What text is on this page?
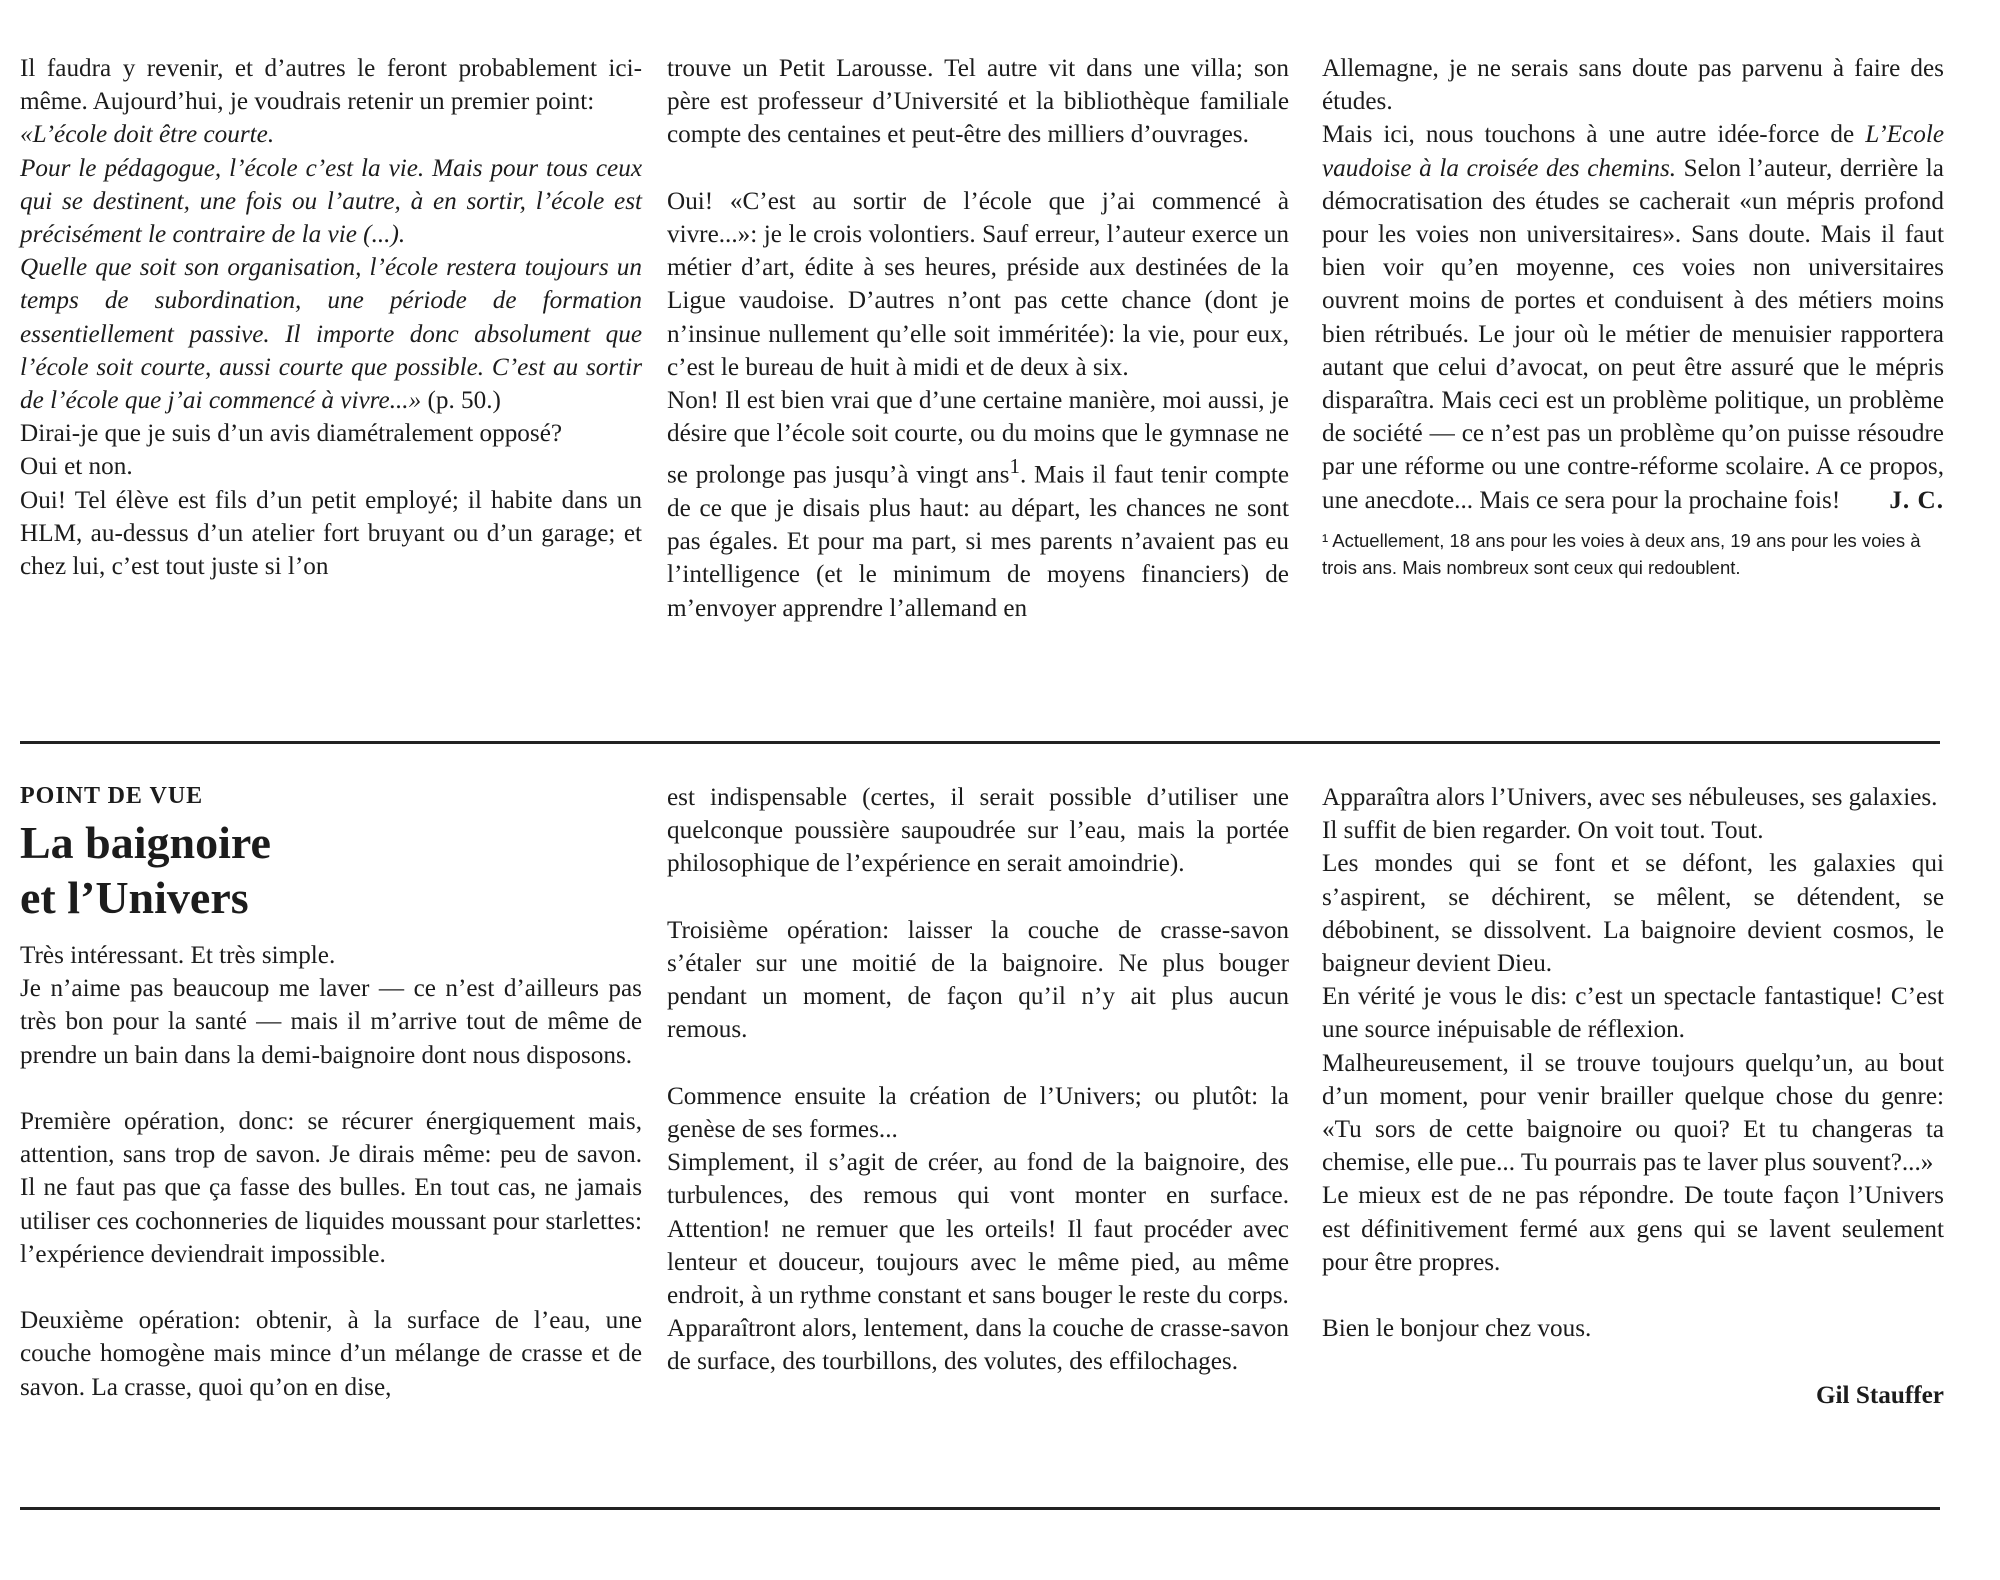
Il faudra y revenir, et d’autres le feront probablement ici-même. Aujourd’hui, je voudrais retenir un premier point:

«L’école doit être courte.

Pour le pédagogue, l’école c’est la vie. Mais pour tous ceux qui se destinent, une fois ou l’autre, à en sortir, l’école est précisément le contraire de la vie (...).

Quelle que soit son organisation, l’école restera toujours un temps de subordination, une période de formation essentiellement passive. Il importe donc absolument que l’école soit courte, aussi courte que possible. C’est au sortir de l’école que j’ai commencé à vivre...» (p. 50.)

Dirai-je que je suis d’un avis diamétralement opposé?

Oui et non.

Oui! Tel élève est fils d’un petit employé; il habite dans un HLM, au-dessus d’un atelier fort bruyant ou d’un garage; et chez lui, c’est tout juste si l’on

trouve un Petit Larousse. Tel autre vit dans une villa; son père est professeur d’Université et la bibliothèque familiale compte des centaines et peut-être des milliers d’ouvrages.

Oui! «C’est au sortir de l’école que j’ai commencé à vivre...»: je le crois volontiers. Sauf erreur, l’auteur exerce un métier d’art, édite à ses heures, préside aux destinées de la Ligue vaudoise. D’autres n’ont pas cette chance (dont je n’insinue nullement qu’elle soit imméritée): la vie, pour eux, c’est le bureau de huit à midi et de deux à six.

Non! Il est bien vrai que d’une certaine manière, moi aussi, je désire que l’école soit courte, ou du moins que le gymnase ne se prolonge pas jusqu’à vingt ans$^1$. Mais il faut tenir compte de ce que je disais plus haut: au départ, les chances ne sont pas égales. Et pour ma part, si mes parents n’avaient pas eu l’intelligence (et le minimum de moyens financiers) de m’envoyer apprendre l’allemand en

Allemagne, je ne serais sans doute pas parvenu à faire des études.

Mais ici, nous touchons à une autre idée-force de L’Ecole vaudoise à la croisée des chemins. Selon l’auteur, derrière la démocratisation des études se cacherait «un mépris profond pour les voies non universitaires». Sans doute. Mais il faut bien voir qu’en moyenne, ces voies non universitaires ouvrent moins de portes et conduisent à des métiers moins bien rétribués. Le jour où le métier de menuisier rapportera autant que celui d’avocat, on peut être assuré que le mépris disparaîtra. Mais ceci est un problème politique, un problème de société — ce n’est pas un problème qu’on puisse résoudre par une réforme ou une contre-réforme scolaire. A ce propos, une anecdote... Mais ce sera pour la prochaine fois! J. C.

¹ Actuellement, 18 ans pour les voies à deux ans, 19 ans pour les voies à trois ans. Mais nombreux sont ceux qui redoublent.

POINT DE VUE

La baignoire
et l’Univers

Très intéressant. Et très simple.

Je n’aime pas beaucoup me laver — ce n’est d’ailleurs pas très bon pour la santé — mais il m’arrive tout de même de prendre un bain dans la demi-baignoire dont nous disposons.

Première opération, donc: se récurer énergiquement mais, attention, sans trop de savon. Je dirais même: peu de savon. Il ne faut pas que ça fasse des bulles. En tout cas, ne jamais utiliser ces cochonneries de liquides moussant pour starlettes: l’expérience deviendrait impossible.

Deuxième opération: obtenir, à la surface de l’eau, une couche homogène mais mince d’un mélange de crasse et de savon. La crasse, quoi qu’on en dise,

est indispensable (certes, il serait possible d’utiliser une quelconque poussière saupoudrée sur l’eau, mais la portée philosophique de l’expérience en serait amoindrie).

Troisième opération: laisser la couche de crasse-savon s’étaler sur une moitié de la baignoire. Ne plus bouger pendant un moment, de façon qu’il n’y ait plus aucun remous.

Commence ensuite la création de l’Univers; ou plutôt: la genèse de ses formes...

Simplement, il s’agit de créer, au fond de la baignoire, des turbulences, des remous qui vont monter en surface. Attention! ne remuer que les orteils! Il faut procéder avec lenteur et douceur, toujours avec le même pied, au même endroit, à un rythme constant et sans bouger le reste du corps.

Apparaîtront alors, lentement, dans la couche de crasse-savon de surface, des tourbillons, des volutes, des effilochages.

Apparaîtra alors l’Univers, avec ses nébuleuses, ses galaxies.

Il suffit de bien regarder. On voit tout. Tout.

Les mondes qui se font et se défont, les galaxies qui s’aspirent, se déchirent, se mêlent, se détendent, se débobinent, se dissolvent. La baignoire devient cosmos, le baigneur devient Dieu.

En vérité je vous le dis: c’est un spectacle fantastique! C’est une source inépuisable de réflexion.

Malheureusement, il se trouve toujours quelqu’un, au bout d’un moment, pour venir brailler quelque chose du genre: «Tu sors de cette baignoire ou quoi? Et tu changeras ta chemise, elle pue... Tu pourrais pas te laver plus souvent?...»

Le mieux est de ne pas répondre. De toute façon l’Univers est définitivement fermé aux gens qui se lavent seulement pour être propres.

Bien le bonjour chez vous.

Gil Stauffer
